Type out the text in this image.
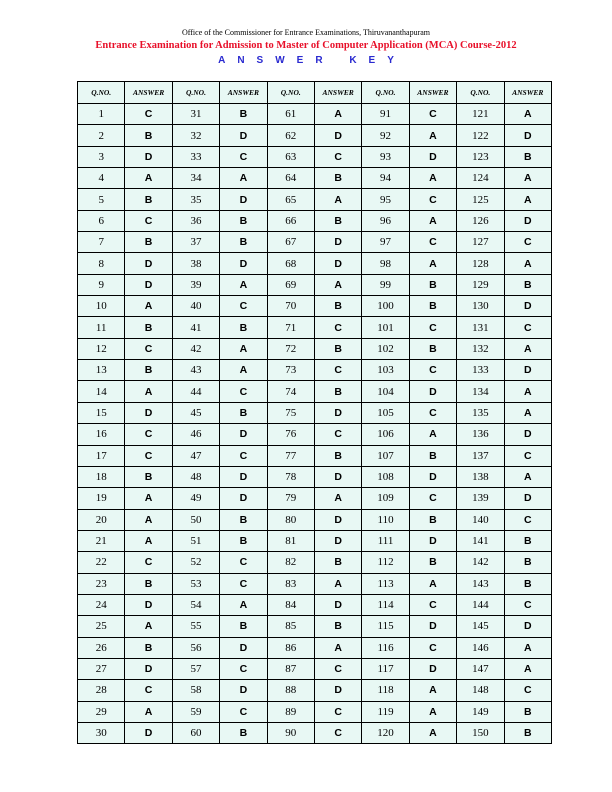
Office of the Commissioner for Entrance Examinations, Thiruvananthapuram
Entrance Examination for Admission to Master of Computer Application (MCA) Course-2012
ANSWER KEY
Q.NO.	ANSWER	Q.NO.	ANSWER	Q.NO.	ANSWER	Q.NO.	ANSWER	Q.NO.	ANSWER
1	C	31	B	61	A	91	C	121	A
2	B	32	D	62	D	92	A	122	D
3	D	33	C	63	C	93	D	123	B
4	A	34	A	64	B	94	A	124	A
5	B	35	D	65	A	95	C	125	A
6	C	36	B	66	B	96	A	126	D
7	B	37	B	67	D	97	C	127	C
8	D	38	D	68	D	98	A	128	A
9	D	39	A	69	A	99	B	129	B
10	A	40	C	70	B	100	B	130	D
11	B	41	B	71	C	101	C	131	C
12	C	42	A	72	B	102	B	132	A
13	B	43	A	73	C	103	C	133	D
14	A	44	C	74	B	104	D	134	A
15	D	45	B	75	D	105	C	135	A
16	C	46	D	76	C	106	A	136	D
17	C	47	C	77	B	107	B	137	C
18	B	48	D	78	D	108	D	138	A
19	A	49	D	79	A	109	C	139	D
20	A	50	B	80	D	110	B	140	C
21	A	51	B	81	D	111	D	141	B
22	C	52	C	82	B	112	B	142	B
23	B	53	C	83	A	113	A	143	B
24	D	54	A	84	D	114	C	144	C
25	A	55	B	85	B	115	D	145	D
26	B	56	D	86	A	116	C	146	A
27	D	57	C	87	C	117	D	147	A
28	C	58	D	88	D	118	A	148	C
29	A	59	C	89	C	119	A	149	B
30	D	60	B	90	C	120	A	150	B
